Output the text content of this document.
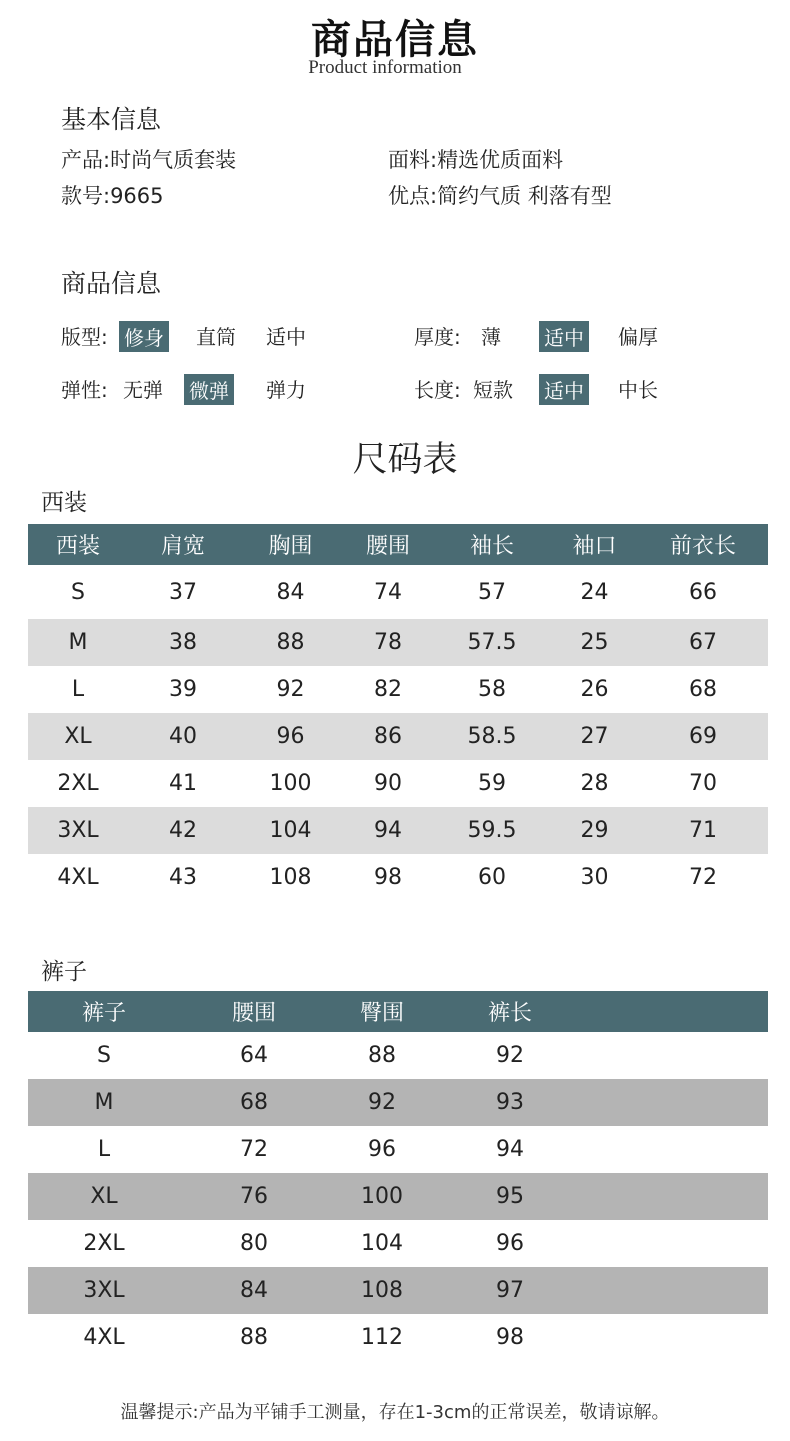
商品信息
Product information
基本信息
产品:时尚气质套装	面料:精选优质面料
款号:9665	优点:简约气质 利落有型
商品信息
版型: 修身 直筒 适中	厚度: 薄 适中 偏厚
弹性: 无弹 微弹 弹力	长度: 短款 适中 中长
尺码表
西装
西装	肩宽	胸围	腰围	袖长	袖口	前衣长
S	37	84	74	57	24	66
M	38	88	78	57.5	25	67
L	39	92	82	58	26	68
XL	40	96	86	58.5	27	69
2XL	41	100	90	59	28	70
3XL	42	104	94	59.5	29	71
4XL	43	108	98	60	30	72
裤子
裤子	腰围	臀围	裤长	
S	64	88	92	
M	68	92	93	
L	72	96	94	
XL	76	100	95	
2XL	80	104	96	
3XL	84	108	97	
4XL	88	112	98	
温馨提示:产品为平铺手工测量，存在1-3cm的正常误差，敬请谅解。
